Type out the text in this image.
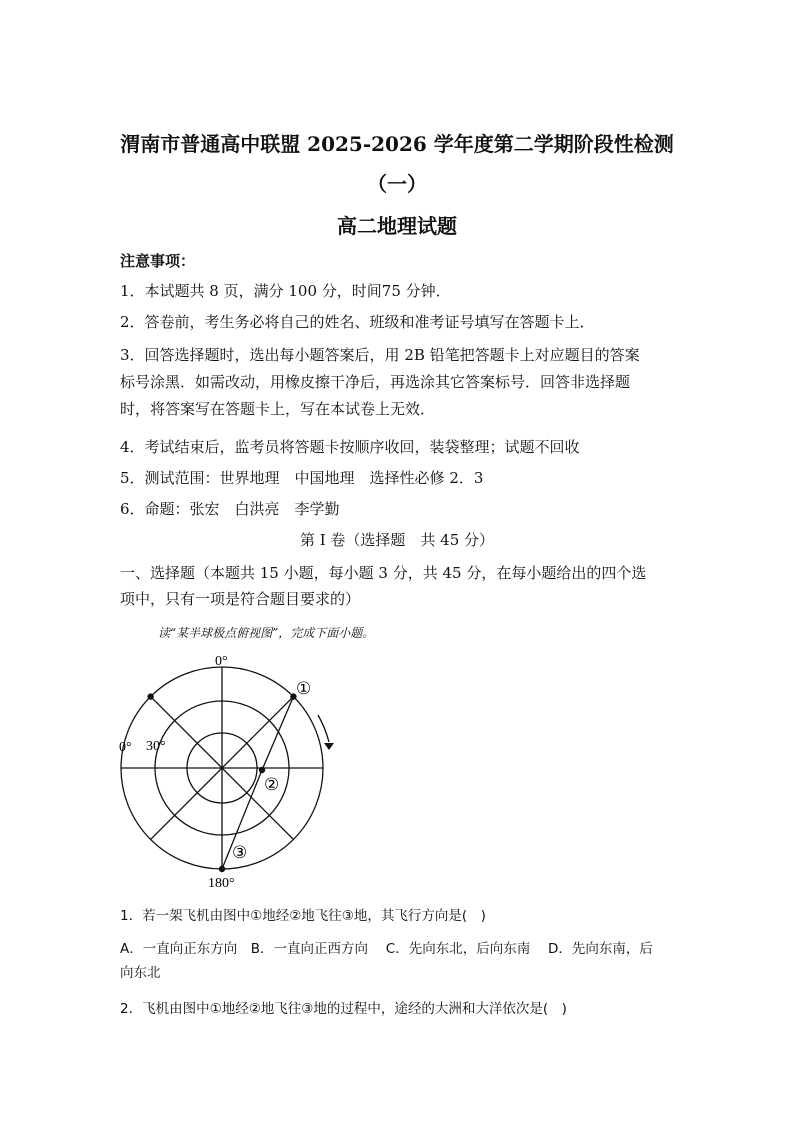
渭南市普通高中联盟 2025-2026 学年度第二学期阶段性检测
（一）
高二地理试题
注意事项：
1．本试题共 8 页，满分 100 分，时间75 分钟．
2．答卷前，考生务必将自己的姓名、班级和准考证号填写在答题卡上．
3．回答选择题时，选出每小题答案后，用 2B 铅笔把答题卡上对应题目的答案
标号涂黑．如需改动，用橡皮擦干净后，再选涂其它答案标号．回答非选择题
时，将答案写在答题卡上，写在本试卷上无效．
4．考试结束后，监考员将答题卡按顺序收回，装袋整理；试题不回收
5．测试范围：世界地理　中国地理　选择性必修 2．3
6．命题：张宏　白洪亮　李学勤
第 I 卷（选择题　共 45 分）
一、选择题（本题共 15 小题，每小题 3 分，共 45 分，在每小题给出的四个选
项中，只有一项是符合题目要求的）
读“某半球极点俯视图”，完成下面小题。
0°
0° 30°
180°
①
②
③
1．若一架飞机由图中①地经②地飞往③地，其飞行方向是(　)
A．一直向正东方向　B．一直向正西方向　 C．先向东北，后向东南　 D．先向东南，后
向东北
2．飞机由图中①地经②地飞往③地的过程中，途经的大洲和大洋依次是(　)
